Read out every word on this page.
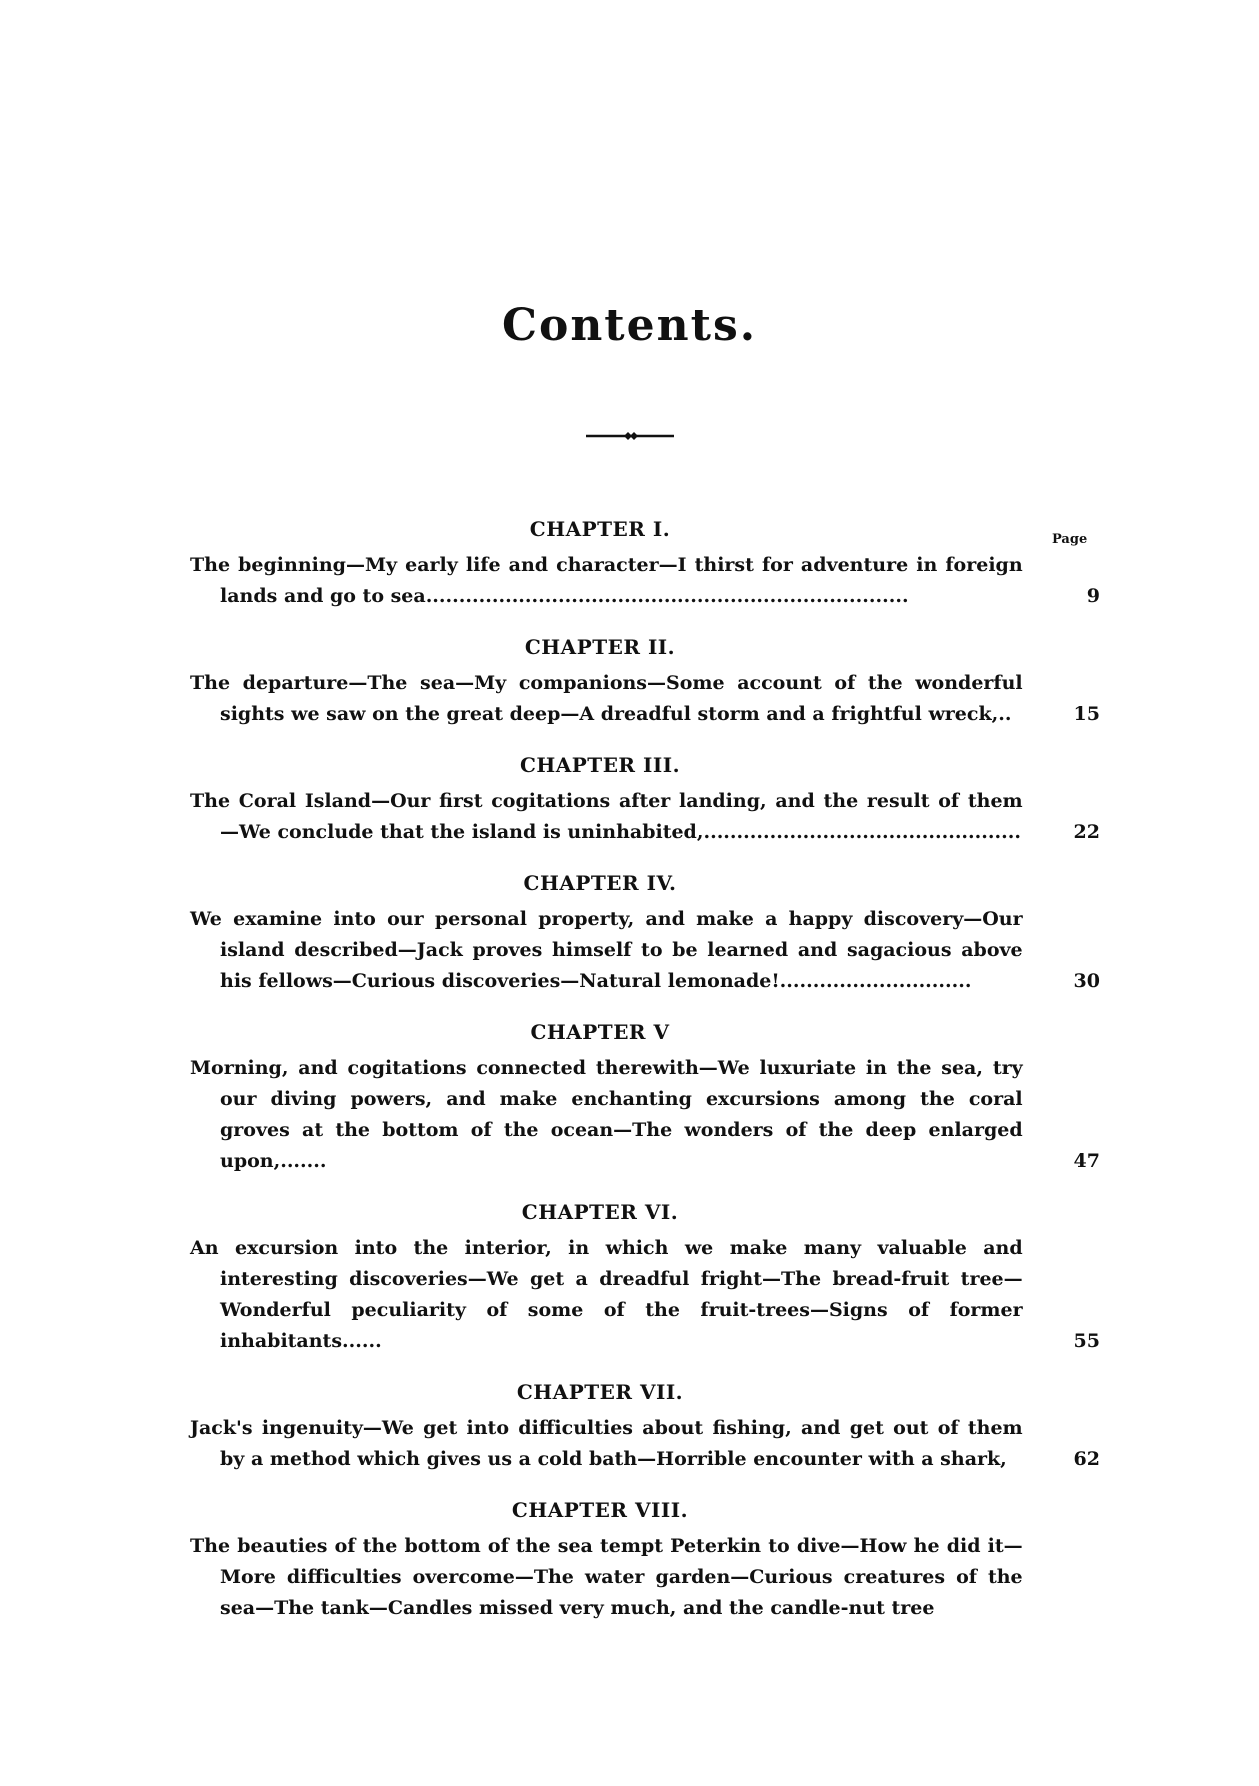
Contents.
Page
CHAPTER I.
The beginning—My early life and character—I thirst for adventure in foreign lands and go to sea.........................................................................	9
CHAPTER II.
The departure—The sea—My companions—Some account of the wonderful sights we saw on the great deep—A dreadful storm and a frightful wreck,..	15
CHAPTER III.
The Coral Island—Our first cogitations after landing, and the result of them —We conclude that the island is uninhabited,................................................	22
CHAPTER IV.
We examine into our personal property, and make a happy discovery—Our island described—Jack proves himself to be learned and sagacious above his fellows—Curious discoveries—Natural lemonade!.............................	30
CHAPTER V
Morning, and cogitations connected therewith—We luxuriate in the sea, try our diving powers, and make enchanting excursions among the coral groves at the bottom of the ocean—The wonders of the deep enlarged upon,.......	47
CHAPTER VI.
An excursion into the interior, in which we make many valuable and interesting discoveries—We get a dreadful fright—The bread-fruit tree—Wonderful peculiarity of some of the fruit-trees—Signs of former inhabitants......	55
CHAPTER VII.
Jack's ingenuity—We get into difficulties about fishing, and get out of them by a method which gives us a cold bath—Horrible encounter with a shark,	62
CHAPTER VIII.
The beauties of the bottom of the sea tempt Peterkin to dive—How he did it—More difficulties overcome—The water garden—Curious creatures of the sea—The tank—Candles missed very much, and the candle-nut tree
